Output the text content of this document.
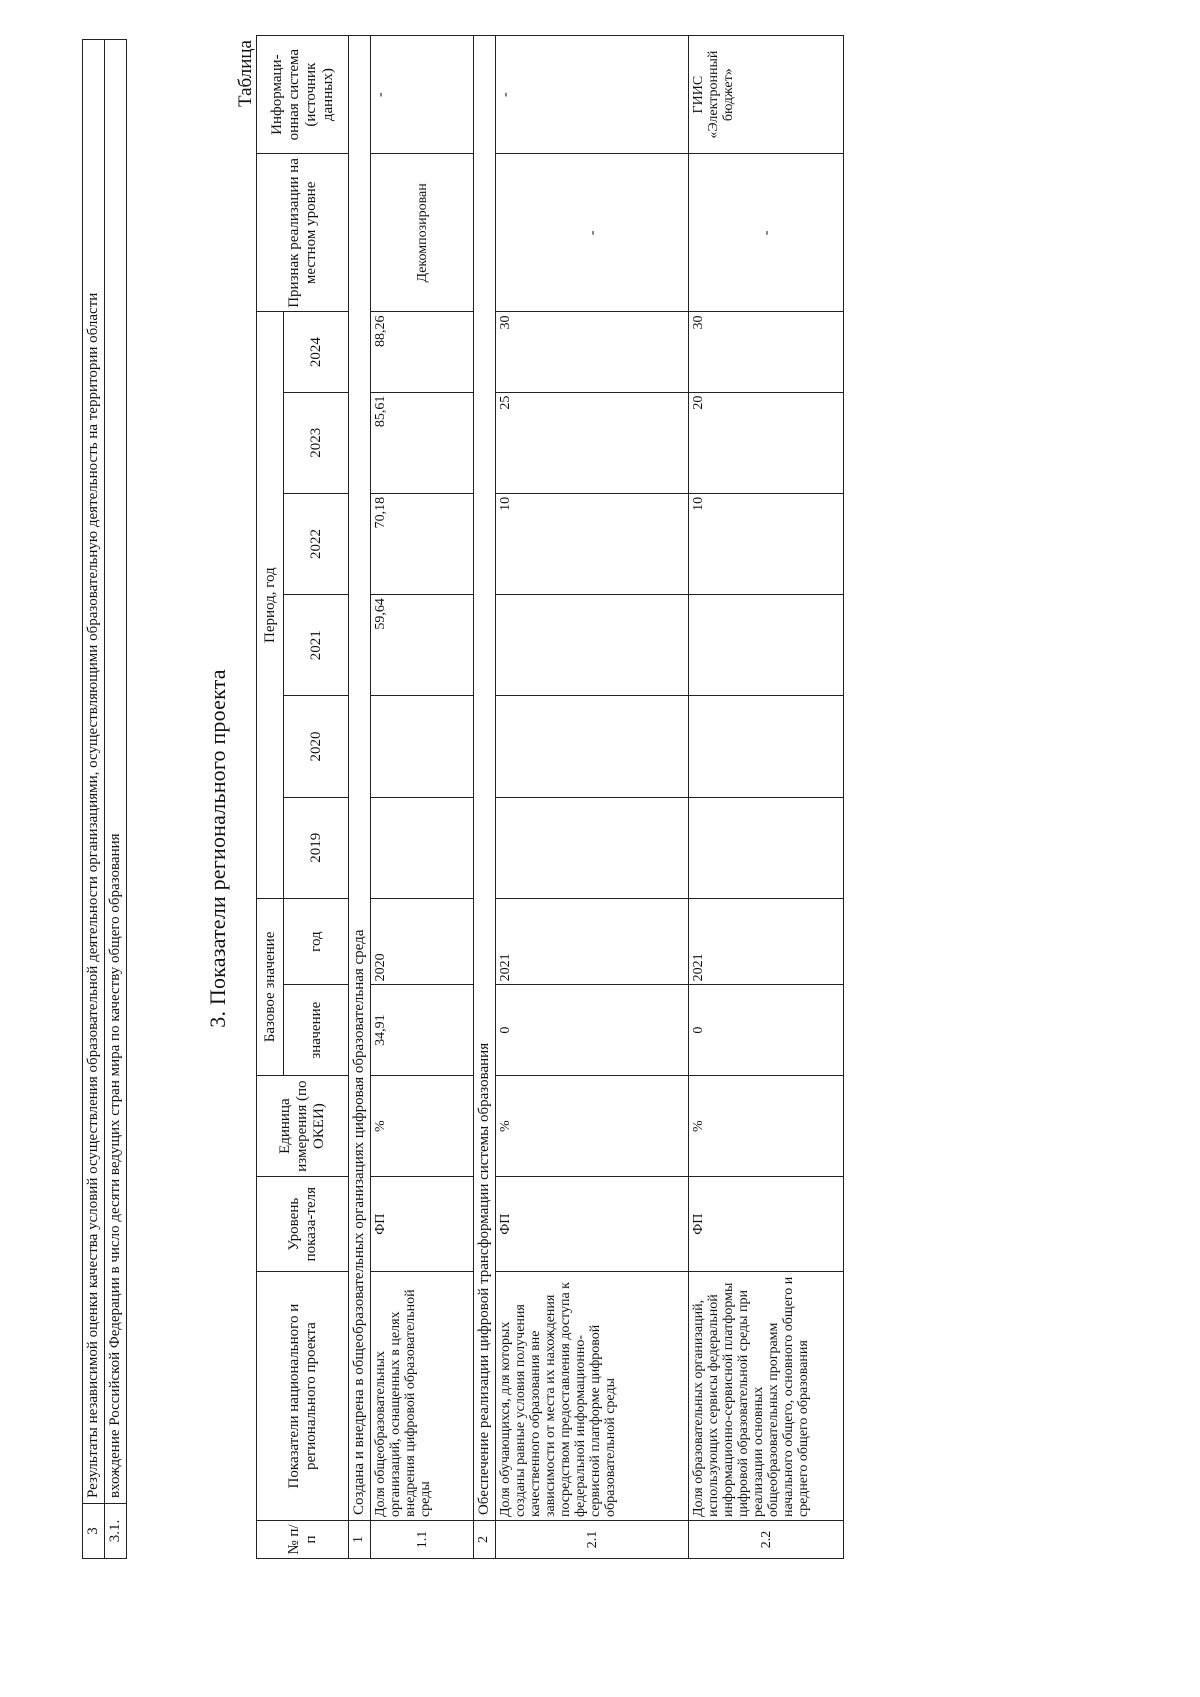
3	Результаты независимой оценки качества условий осуществления образовательной деятельности организациями, осуществляющими образовательную деятельность на территории области
3.1.	вхождение Российской Федерации в число десяти ведущих стран мира по качеству общего образования	3. Показатели регионального проекта
Таблица
№ п/п	Показатели национального и регионального проекта	Уровень показа-теля	Единица измерения (по ОКЕИ)	Базовое значение		Период, год						Признак реализации на местном уровне	Информаци-онная система (источник данных)
				значение	год	2019	2020	2021	2022	2023	2024		
1	Создана и внедрена в общеобразовательных организациях цифровая образовательная среда												
1.1	Доля общеобразовательных организаций, оснащенных в целях внедрения цифровой образовательной среды	ФП	%	34,91	2020			59,64	70,18	85,61	88,26	Декомпозирован	-
2	Обеспечение реализации цифровой трансформации системы образования												
2.1	Доля обучающихся, для которых созданы равные условия получения качественного образования вне зависимости от места их нахождения посредством предоставления доступа к федеральной информационно-сервисной платформе цифровой образовательной среды	ФП	%	0	2021				10	25	30	-	-
2.2	Доля образовательных организаций, использующих сервисы федеральной информационно-сервисной платформы цифровой образовательной среды при реализации основных общеобразовательных программ начального общего, основного общего и среднего общего образования	ФП	%	0	2021				10	20	30	-	ГИИС «Электронный бюджет»
